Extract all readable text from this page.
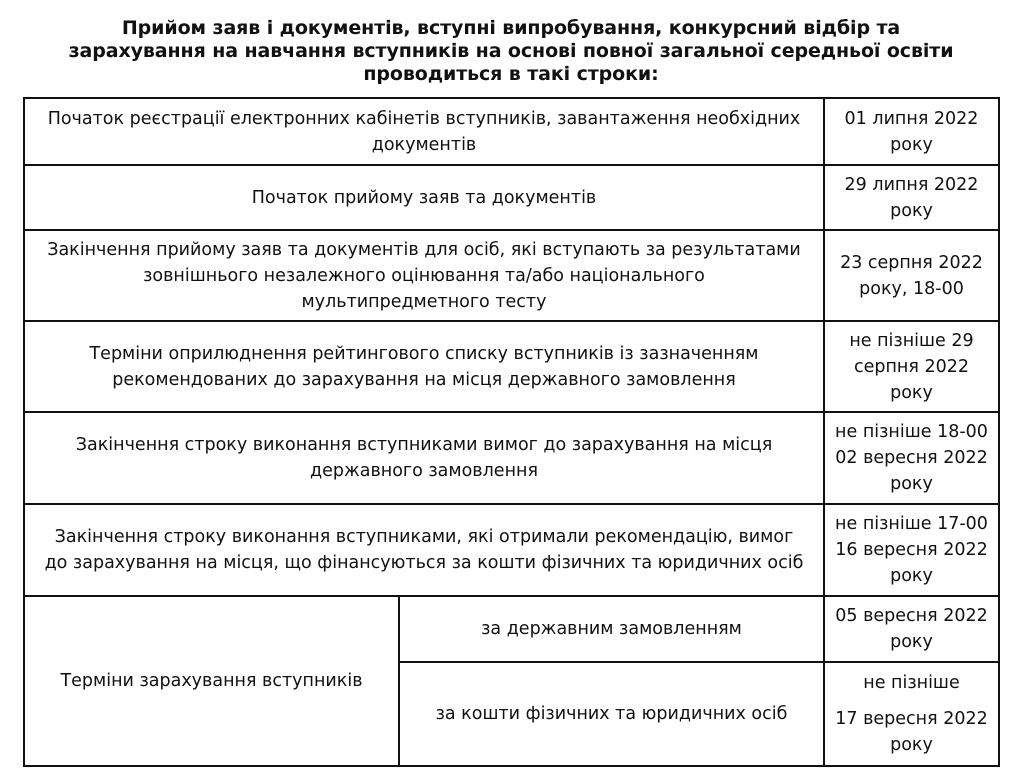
Прийом заяв і документів, вступні випробування, конкурсний відбір та
зарахування на навчання вступників на основі повної загальної середньої освіти
проводиться в такі строки:
Початок реєстрації електронних кабінетів вступників, завантаження необхідних
документів
01 липня 2022
року
Початок прийому заяв та документів
29 липня 2022
року
Закінчення прийому заяв та документів для осіб, які вступають за результатами
зовнішнього незалежного оцінювання та/або національного
мультипредметного тесту
23 серпня 2022
року, 18-00
Терміни оприлюднення рейтингового списку вступників із зазначенням
рекомендованих до зарахування на місця державного замовлення
не пізніше 29
серпня 2022
року
Закінчення строку виконання вступниками вимог до зарахування на місця
державного замовлення
не пізніше 18-00
02 вересня 2022
року
Закінчення строку виконання вступниками, які отримали рекомендацію, вимог
до зарахування на місця, що фінансуються за кошти фізичних та юридичних осіб
не пізніше 17-00
16 вересня 2022
року
Терміни зарахування вступників
за державним замовленням
05 вересня 2022
року
за кошти фізичних та юридичних осіб
не пізніше
17 вересня 2022
року
